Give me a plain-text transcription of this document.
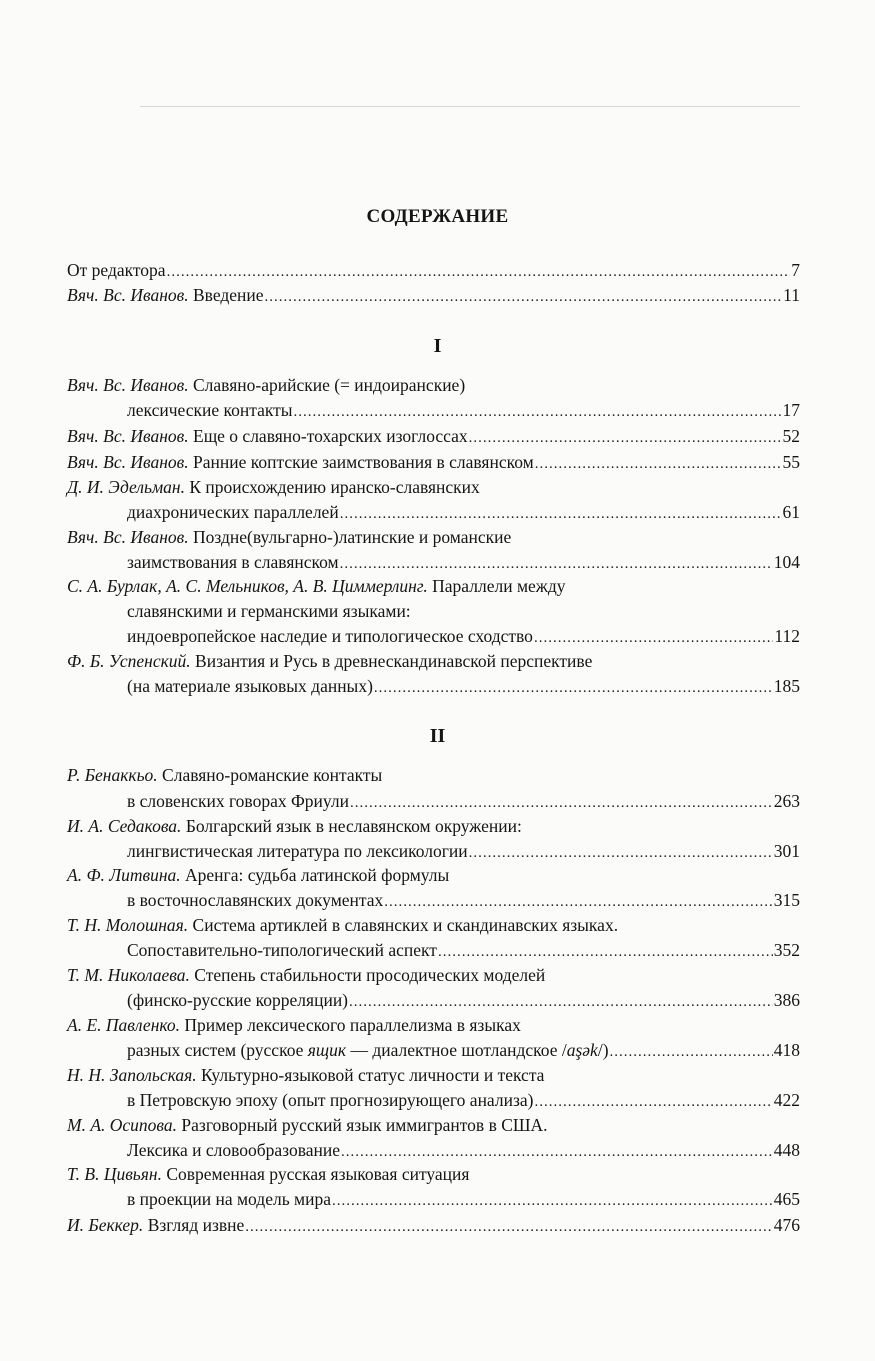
СОДЕРЖАНИЕ
От редактора .....	7
Вяч. Вс. Иванов. Введение .....	11
I
Вяч. Вс. Иванов. Славяно-арийские (= индоиранские)
лексические контакты .....	17
Вяч. Вс. Иванов. Еще о славяно-тохарских изоглоссах .....	52
Вяч. Вс. Иванов. Ранние коптские заимствования в славянском .....	55
Д. И. Эдельман. К происхождению иранско-славянских
диахронических параллелей .....	61
Вяч. Вс. Иванов. Поздне(вульгарно-)латинские и романские
заимствования в славянском .....	104
С. А. Бурлак, А. С. Мельников, А. В. Циммерлинг. Параллели между
славянскими и германскими языками:
индоевропейское наследие и типологическое сходство .....	112
Ф. Б. Успенский. Византия и Русь в древнескандинавской перспективе
(на материале языковых данных) .....	185
II
Р. Бенаккьо. Славяно-романские контакты
в словенских говорах Фриули .....	263
И. А. Седакова. Болгарский язык в неславянском окружении:
лингвистическая литература по лексикологии .....	301
А. Ф. Литвина. Аренга: судьба латинской формулы
в восточнославянских документах .....	315
Т. Н. Молошная. Система артиклей в славянских и скандинавских языках.
Сопоставительно-типологический аспект .....	352
Т. М. Николаева. Степень стабильности просодических моделей
(финско-русские корреляции) .....	386
А. Е. Павленко. Пример лексического параллелизма в языках
разных систем (русское ящик — диалектное шотландское /aşək/) .....	418
Н. Н. Запольская. Культурно-языковой статус личности и текста
в Петровскую эпоху (опыт прогнозирующего анализа) .....	422
М. А. Осипова. Разговорный русский язык иммигрантов в США.
Лексика и словообразование .....	448
Т. В. Цивьян. Современная русская языковая ситуация
в проекции на модель мира .....	465
И. Беккер. Взгляд извне .....	476
